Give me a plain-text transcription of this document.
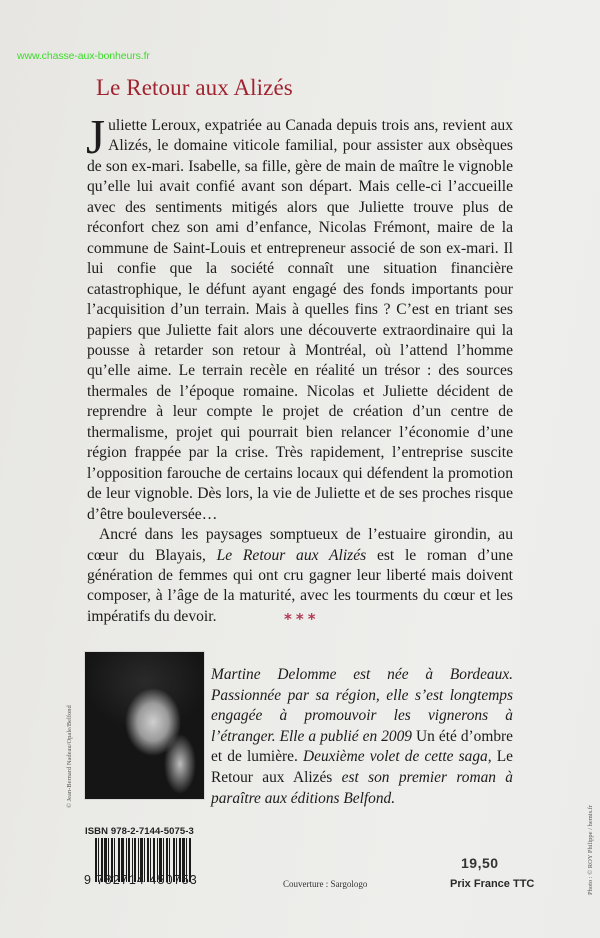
www.chasse-aux-bonheurs.fr
Le Retour aux Alizés

Juliette Leroux, expatriée au Canada depuis trois ans, revient aux Alizés, le domaine viticole familial, pour assister aux obsèques de son ex-mari. Isabelle, sa fille, gère de main de maître le vignoble qu’elle lui avait confié avant son départ. Mais celle-ci l’accueille avec des sentiments mitigés alors que Juliette trouve plus de réconfort chez son ami d’enfance, Nicolas Frémont, maire de la commune de Saint-Louis et entrepreneur associé de son ex-mari. Il lui confie que la société connaît une situation financière catastrophique, le défunt ayant engagé des fonds importants pour l’acquisition d’un terrain. Mais à quelles fins ? C’est en triant ses papiers que Juliette fait alors une découverte extraordinaire qui la pousse à retarder son retour à Montréal, où l’attend l’homme qu’elle aime. Le terrain recèle en réalité un trésor : des sources thermales de l’époque romaine. Nicolas et Juliette décident de reprendre à leur compte le projet de création d’un centre de thermalisme, projet qui pourrait bien relancer l’économie d’une région frappée par la crise. Très rapidement, l’entreprise suscite l’opposition farouche de certains locaux qui défendent la promotion de leur vignoble. Dès lors, la vie de Juliette et de ses proches risque d’être bouleversée…

Ancré dans les paysages somptueux de l’estuaire girondin, au cœur du Blayais, Le Retour aux Alizés est le roman d’une génération de femmes qui ont cru gagner leur liberté mais doivent composer, à l’âge de la maturité, avec les tourments du cœur et les impératifs du devoir.	***
© Jean-Bernard Nadeau/Opale/Belfond
Martine Delomme est née à Bordeaux. Passionnée par sa région, elle s’est longtemps engagée à promouvoir les vignerons à l’étranger. Elle a publié en 2009 Un été d’ombre et de lumière. Deuxième volet de cette saga, Le Retour aux Alizés est son premier roman à paraître aux éditions Belfond.
ISBN 978-2-7144-5075-3
9 782714 450753	Couverture : Sargologo
19,50
Prix France TTC	Photo : © ROY Philippe / hemis.fr
